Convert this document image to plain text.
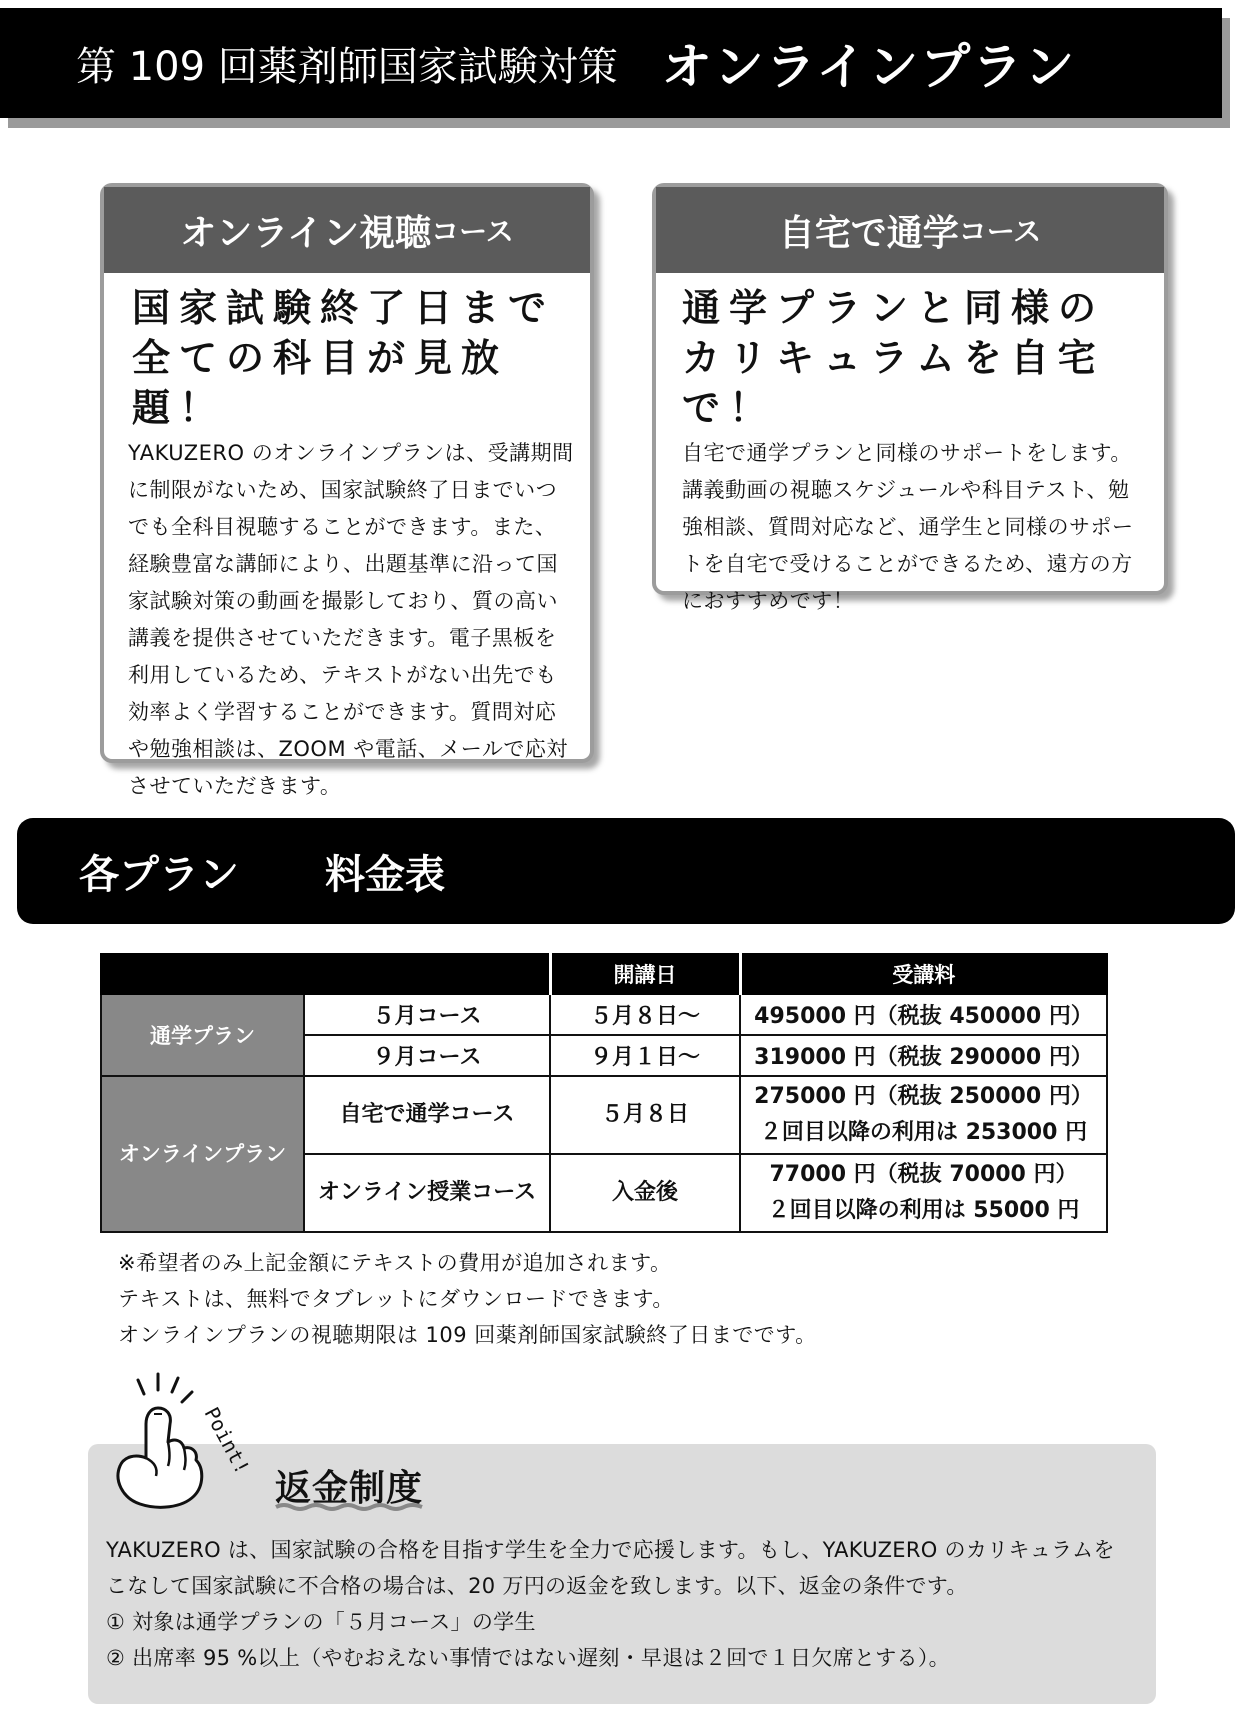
第 109 回薬剤師国家試験対策 オンラインプラン
オンライン視聴 コース
国家試験終了日まで
全ての科目が見放題！
YAKUZERO のオンラインプランは、受講期間
に制限がないため、国家試験終了日までいつ
でも全科目視聴することができます。また、
経験豊富な講師により、出題基準に沿って国
家試験対策の動画を撮影しており、質の高い
講義を提供させていただきます。電子黒板を
利用しているため、テキストがない出先でも
効率よく学習することができます。質問対応
や勉強相談は、ZOOM や電話、メールで応対
させていただきます。
自宅で通学 コース
通学プランと同様の
カリキュラムを自宅で！
自宅で通学プランと同様のサポートをします。
講義動画の視聴スケジュールや科目テスト、勉
強相談、質問対応など、通学生と同様のサポー
トを自宅で受けることができるため、遠方の方
におすすめです！
各プラン 料金表
		開講日	受講料
通学プラン	５月コース	５月８日〜	495000 円（税抜 450000 円）
	９月コース	９月１日〜	319000 円（税抜 290000 円）
オンラインプラン	自宅で通学コース	５月８日	275000 円（税抜 250000 円）
２回目以降の利用は 253000 円

	オンライン授業コース	入金後	77000 円（税抜 70000 円）
２回目以降の利用は 55000 円
※希望者のみ上記金額にテキストの費用が追加されます。
テキストは、無料でタブレットにダウンロードできます。
オンラインプランの視聴期限は 109 回薬剤師国家試験終了日までです。
Point!
返金制度
YAKUZERO は、国家試験の合格を目指す学生を全力で応援します。もし、YAKUZERO のカリキュラムを
こなして国家試験に不合格の場合は、20 万円の返金を致します。以下、返金の条件です。
① 対象は通学プランの「５月コース」の学生
② 出席率 95 %以上（やむおえない事情ではない遅刻・早退は２回で１日欠席とする）。
